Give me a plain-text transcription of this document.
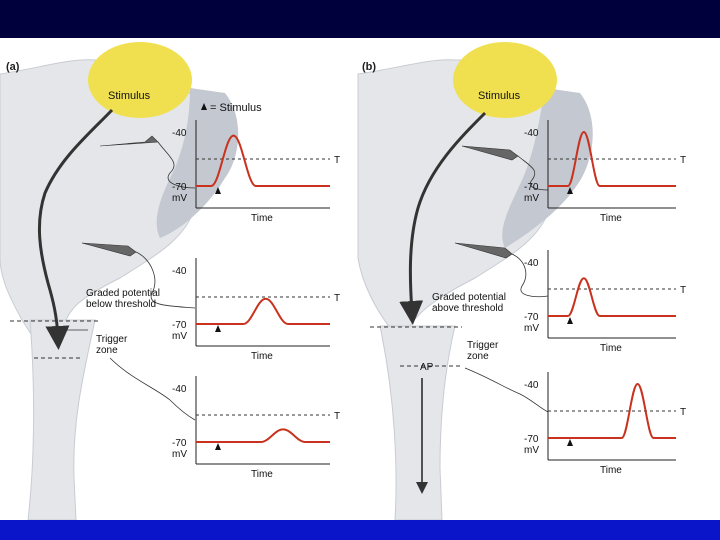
(a)
Stimulus
= Stimulus
Graded potential below threshold
Trigger zone
T
-40
-70
mV
Time
T
-40
-70
mV
Time
T
-40
-70
mV
Time
(b)
Stimulus
Graded potential above threshold
Trigger zone
AP
T
-40
-70
mV
Time
T
-40
-70
mV
Time
T
-40
-70
mV
Time
